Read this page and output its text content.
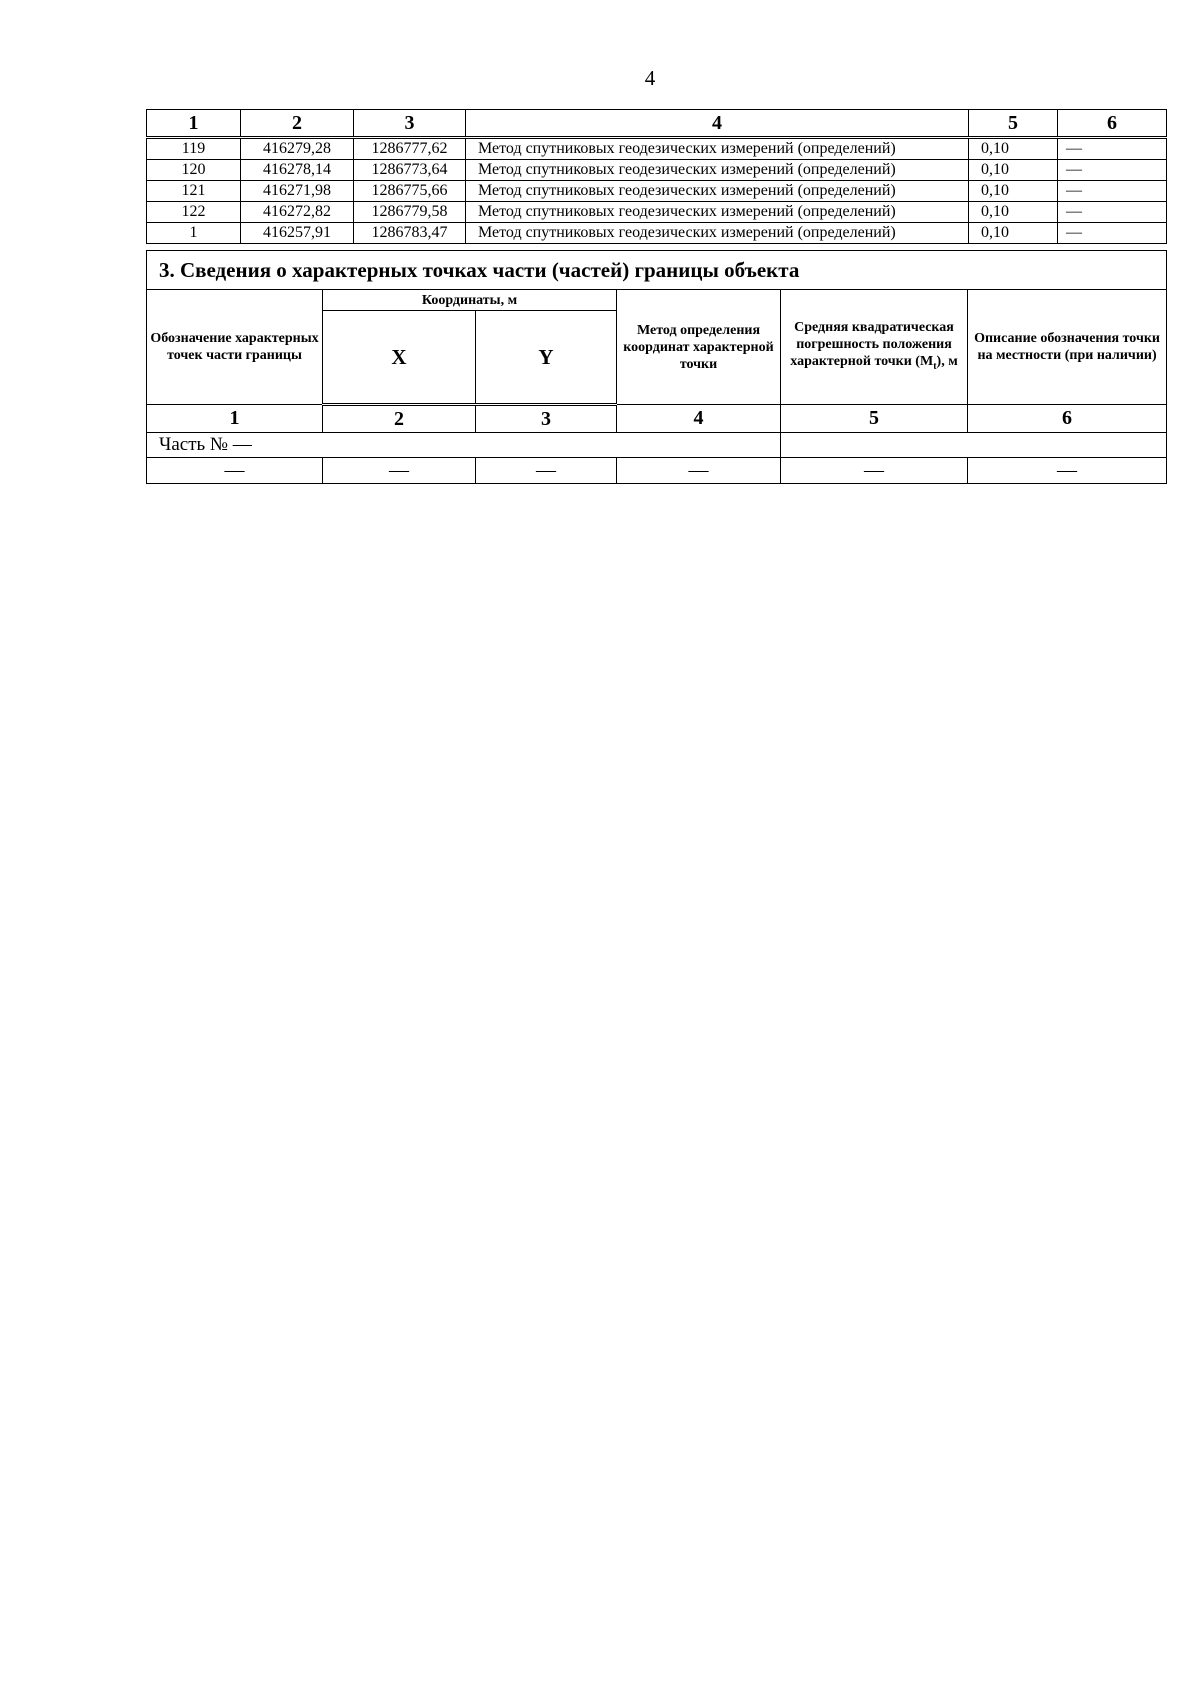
4
1	2	3	4	5	6
119	416279,28	1286777,62	Метод спутниковых геодезических измерений (определений)	0,10	—
120	416278,14	1286773,64	Метод спутниковых геодезических измерений (определений)	0,10	—
121	416271,98	1286775,66	Метод спутниковых геодезических измерений (определений)	0,10	—
122	416272,82	1286779,58	Метод спутниковых геодезических измерений (определений)	0,10	—
1	416257,91	1286783,47	Метод спутниковых геодезических измерений (определений)	0,10	—
3. Сведения о характерных точках части (частей) границы объекта					
Обозначение характерных точек части границы	Координаты, м		Метод определения координат характерной точки	Средняя квадратическая погрешность положения характерной точки $(M_t)$, м	Описание обозначения точки на местности (при наличии)
	X	Y			
1	2	3	4	5	6
Часть № —					
—	—	—	—	—	—
